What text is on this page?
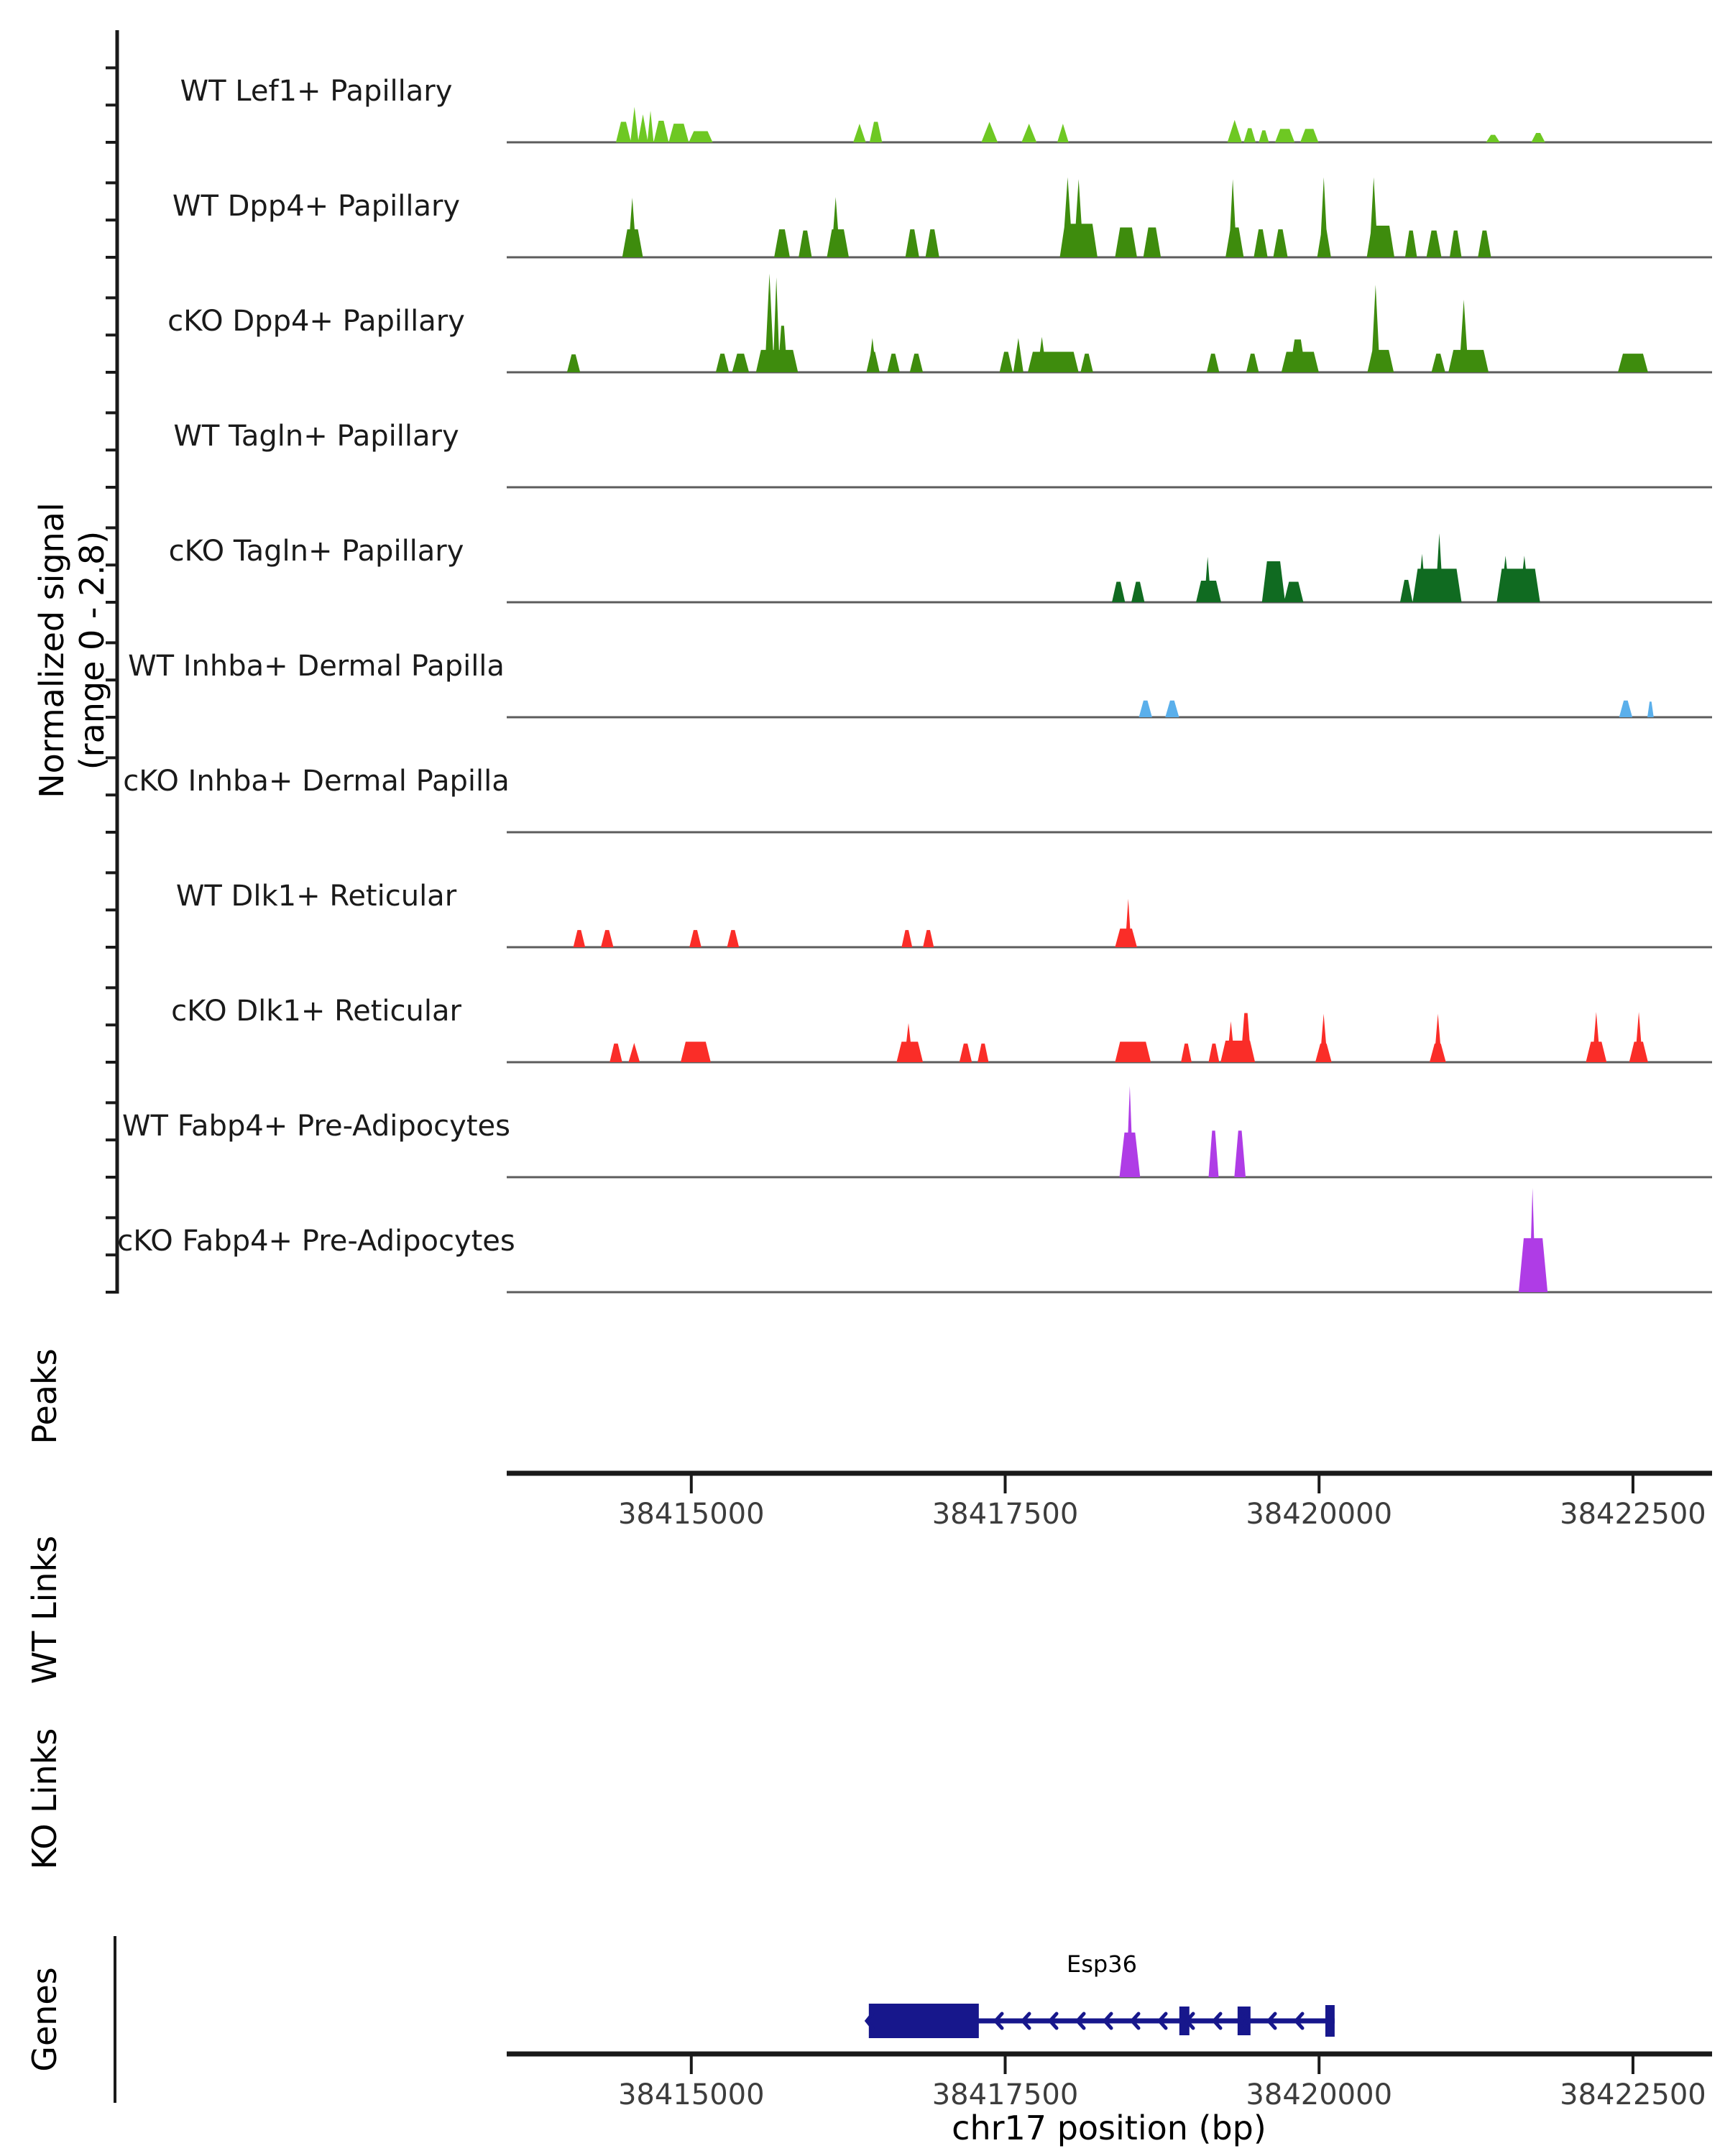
Normalized signal (range 0 - 2.8)
Peaks
WT Links
KO Links
Genes
Esp36
chr17 position (bp)
WT Lef1+ Papillary
WT Dpp4+ Papillary
cKO Dpp4+ Papillary
WT Tagln+ Papillary
cKO Tagln+ Papillary
WT Inhba+ Dermal Papilla
cKO Inhba+ Dermal Papilla
WT Dlk1+ Reticular
cKO Dlk1+ Reticular
WT Fabp4+ Pre-Adipocytes
cKO Fabp4+ Pre-Adipocytes
38415000	38417500	38420000	38422500
38415000	38417500	38420000	38422500
